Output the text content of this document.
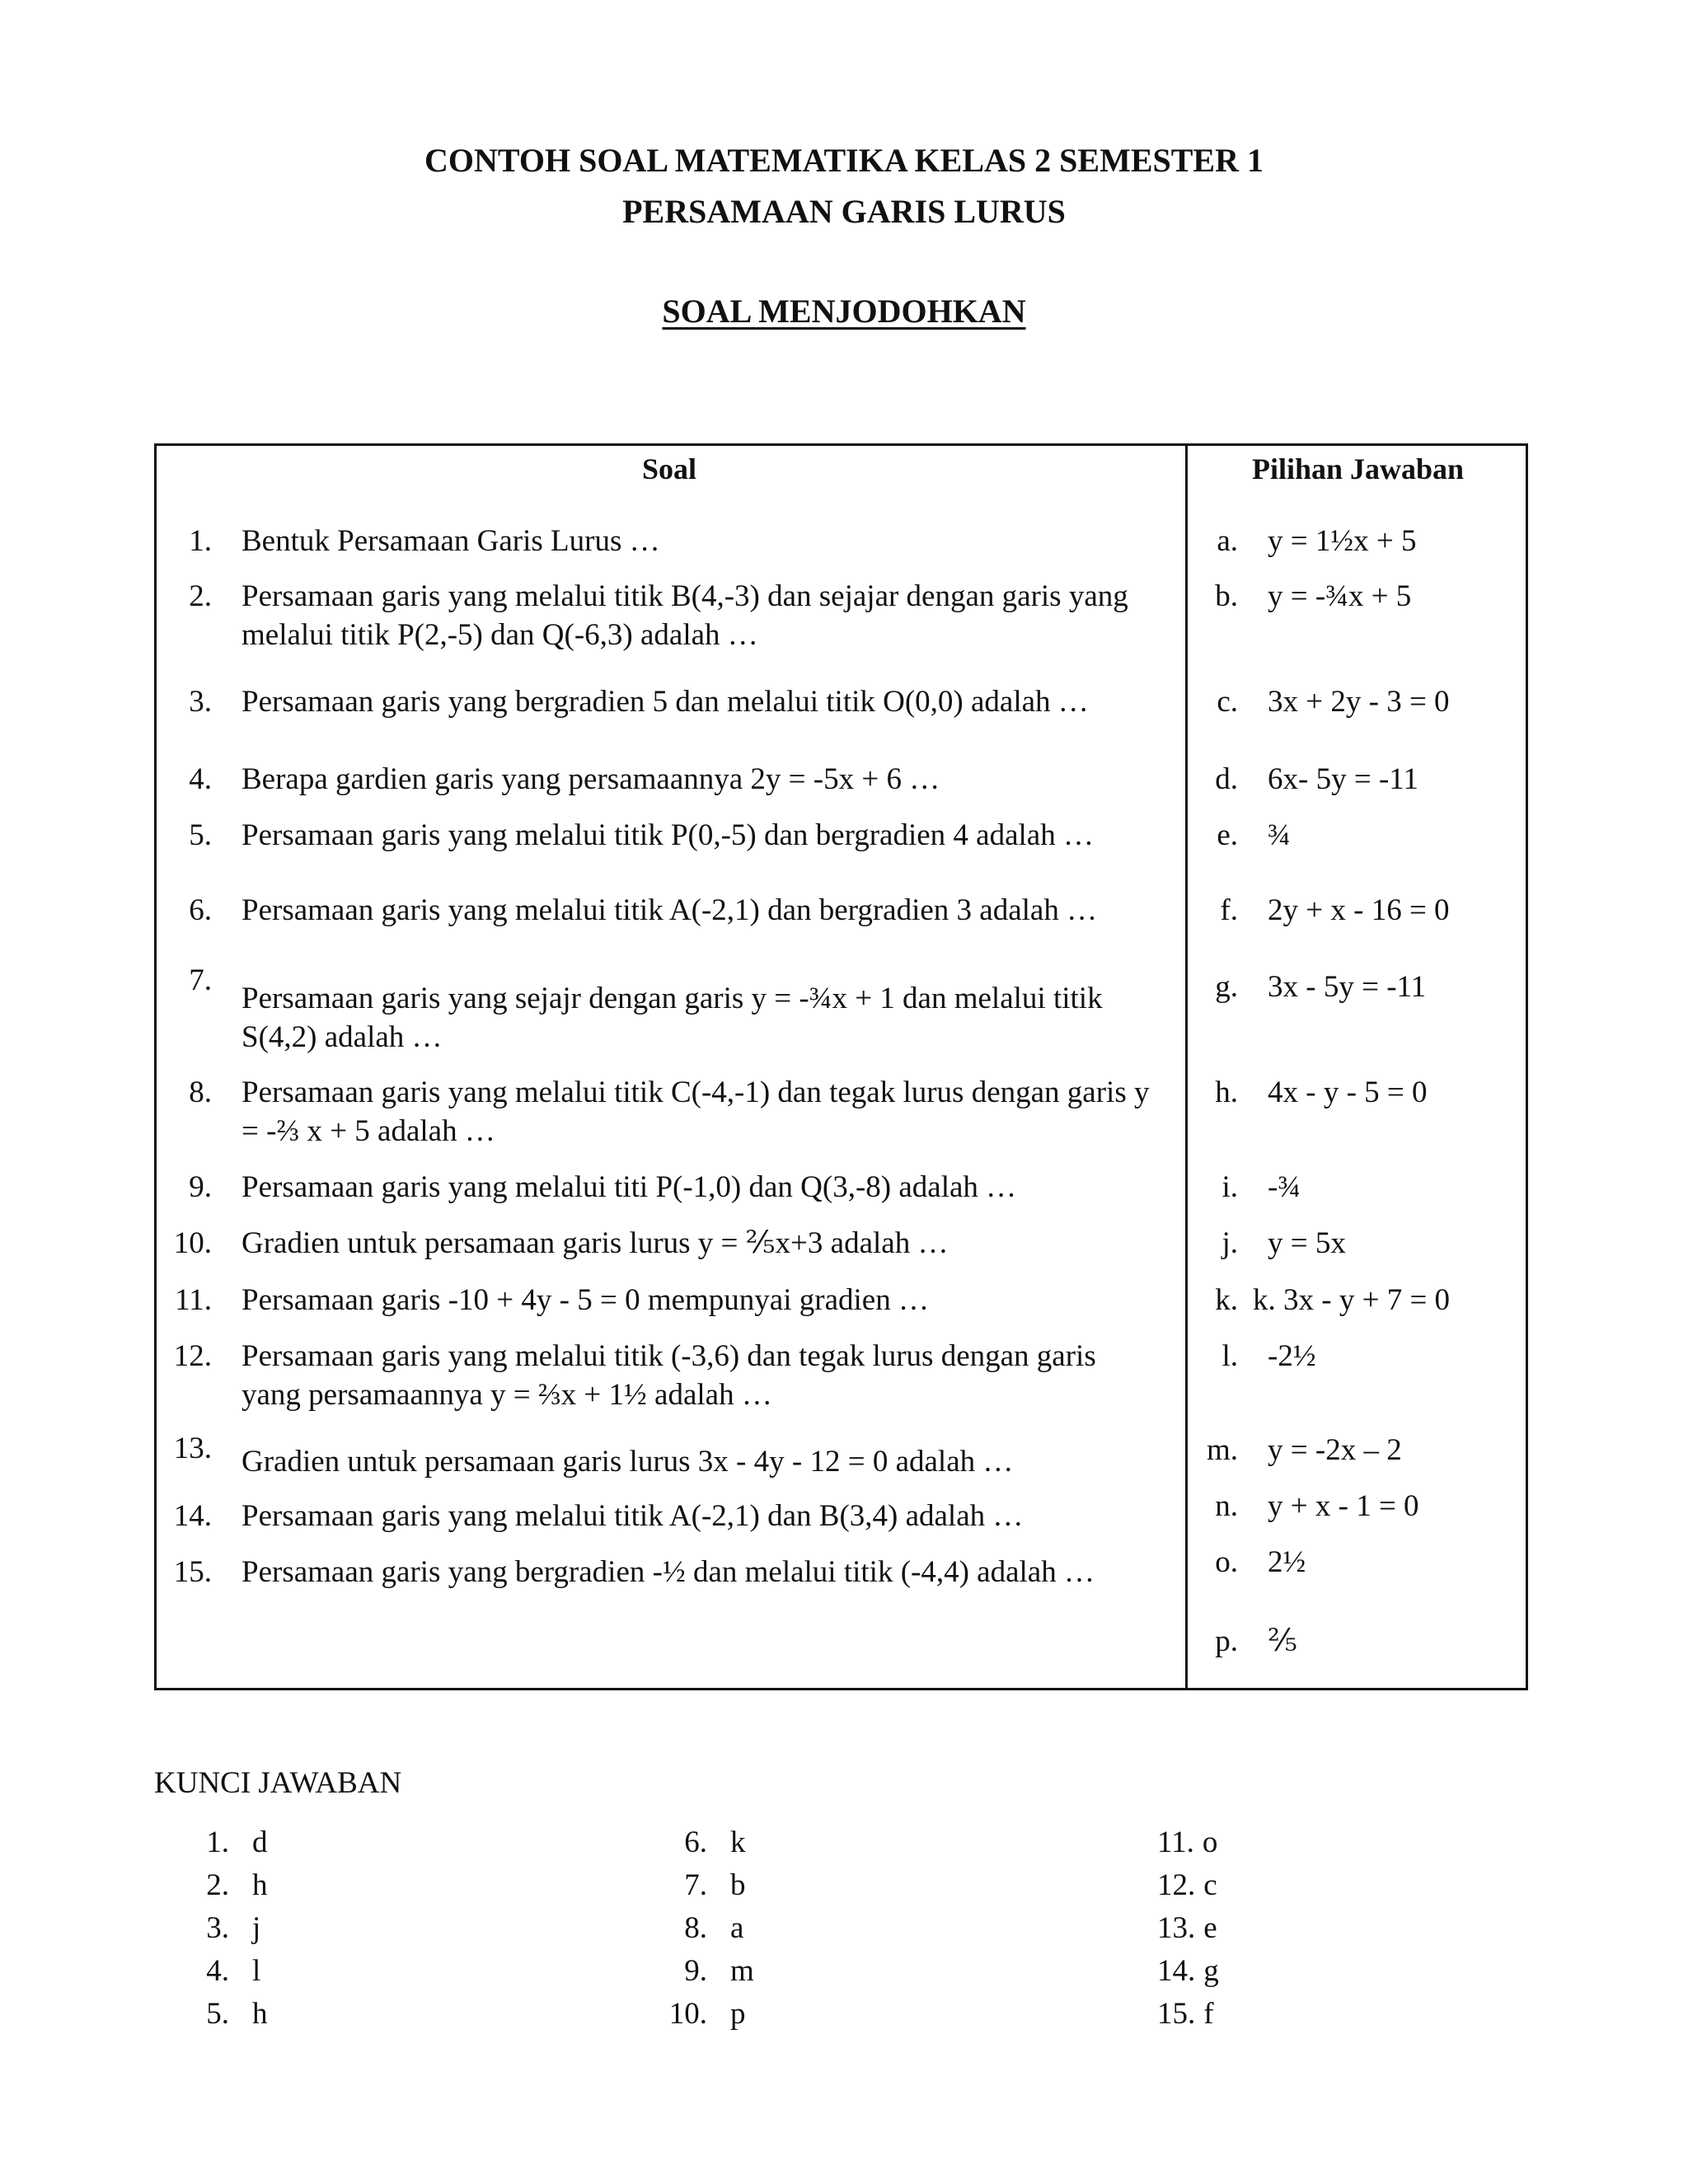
CONTOH SOAL MATEMATIKA KELAS 2 SEMESTER 1
PERSAMAAN GARIS LURUS
SOAL MENJODOHKAN
Soal	Pilihan Jawaban
1. Bentuk Persamaan Garis Lurus …
2. Persamaan garis yang melalui titik B(4,-3) dan sejajar dengan garis yang melalui titik P(2,-5) dan Q(-6,3) adalah …
3. Persamaan garis yang bergradien 5 dan melalui titik O(0,0) adalah …
4. Berapa gardien garis yang persamaannya 2y = -5x + 6 …
5. Persamaan garis yang melalui titik P(0,-5) dan bergradien 4 adalah …
6. Persamaan garis yang melalui titik A(-2,1) dan bergradien 3 adalah …
7.
Persamaan garis yang sejajr dengan garis y = -¾x + 1 dan melalui titik S(4,2) adalah …
8. Persamaan garis yang melalui titik C(-4,-1) dan tegak lurus dengan garis y = -⅔ x + 5 adalah …
9. Persamaan garis yang melalui titi P(-1,0) dan Q(3,-8) adalah …
10. Gradien untuk persamaan garis lurus y = ⅖x+3 adalah …
11. Persamaan garis -10 + 4y - 5 = 0 mempunyai gradien …
12. Persamaan garis yang melalui titik (-3,6) dan tegak lurus dengan garis yang persamaannya y = ⅔x + 1½ adalah …
13. Gradien untuk persamaan garis lurus 3x - 4y - 12 = 0 adalah …
14. Persamaan garis yang melalui titik A(-2,1) dan B(3,4) adalah …
15. Persamaan garis yang bergradien -½ dan melalui titik (-4,4) adalah …
a. y = 1½x + 5
b. y = -¾x + 5
c. 3x + 2y - 3 = 0
d. 6x- 5y = -11
e. ¾
f. 2y + x - 16 = 0
g. 3x - 5y = -11
h. 4x - y - 5 = 0
i. -¾
j. y = 5x
k. k. 3x - y + 7 = 0
l. -2½
m. y = -2x – 2
n. y + x - 1 = 0
o. 2½
p. ⅖
KUNCI JAWABAN
1. d
2. h
3. j
4. l
5. h
6. k
7. b
8. a
9. m
10. p
11. o
12. c
13. e
14. g
15. f
